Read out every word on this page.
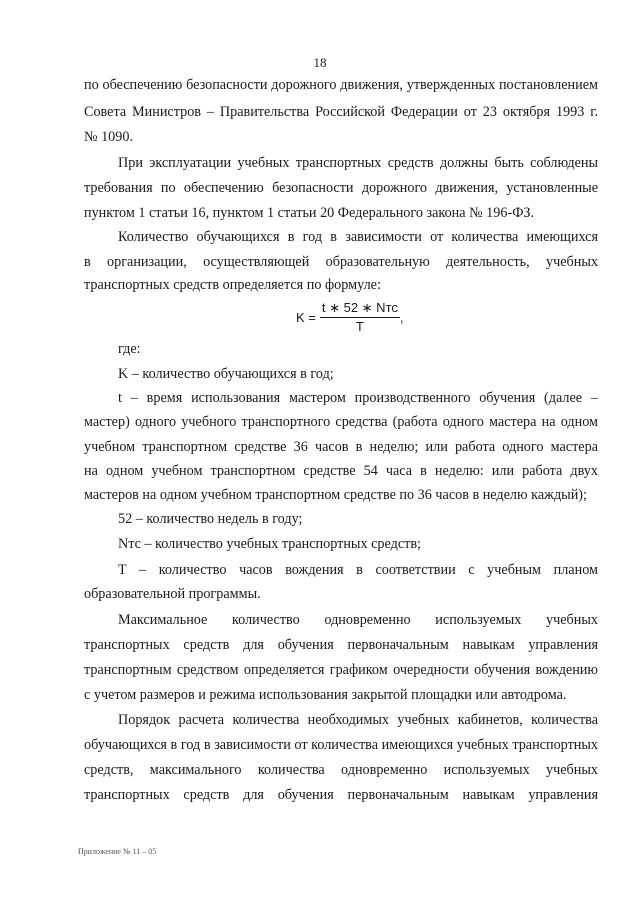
18
по обеспечению безопасности дорожного движения, утвержденных постановлением
Совета Министров – Правительства Российской Федерации от 23 октября 1993 г.
№ 1090.
При эксплуатации учебных транспортных средств должны быть соблюдены
требования по обеспечению безопасности дорожного движения, установленные
пунктом 1 статьи 16, пунктом 1 статьи 20 Федерального закона № 196-ФЗ.
Количество обучающихся в год в зависимости от количества имеющихся
в организации, осуществляющей образовательную деятельность, учебных
транспортных средств определяется по формуле:
$K = \frac{\text{t ∗ 52 ∗ Nтс}}{T}$ ,
где:
K – количество обучающихся в год;
t – время использования мастером производственного обучения (далее –
мастер) одного учебного транспортного средства (работа одного мастера на одном
учебном транспортном средстве 36 часов в неделю; или работа одного мастера
на одном учебном транспортном средстве 54 часа в неделю: или работа двух
мастеров на одном учебном транспортном средстве по 36 часов в неделю каждый);
52 – количество недель в году;
Nтс – количество учебных транспортных средств;
T – количество часов вождения в соответствии с учебным планом
образовательной программы.
Максимальное количество одновременно используемых учебных
транспортных средств для обучения первоначальным навыкам управления
транспортным средством определяется графиком очередности обучения вождению
с учетом размеров и режима использования закрытой площадки или автодрома.
Порядок расчета количества необходимых учебных кабинетов, количества
обучающихся в год в зависимости от количества имеющихся учебных транспортных
средств, максимального количества одновременно используемых учебных
транспортных средств для обучения первоначальным навыкам управления
Приложение № 11 – 05
